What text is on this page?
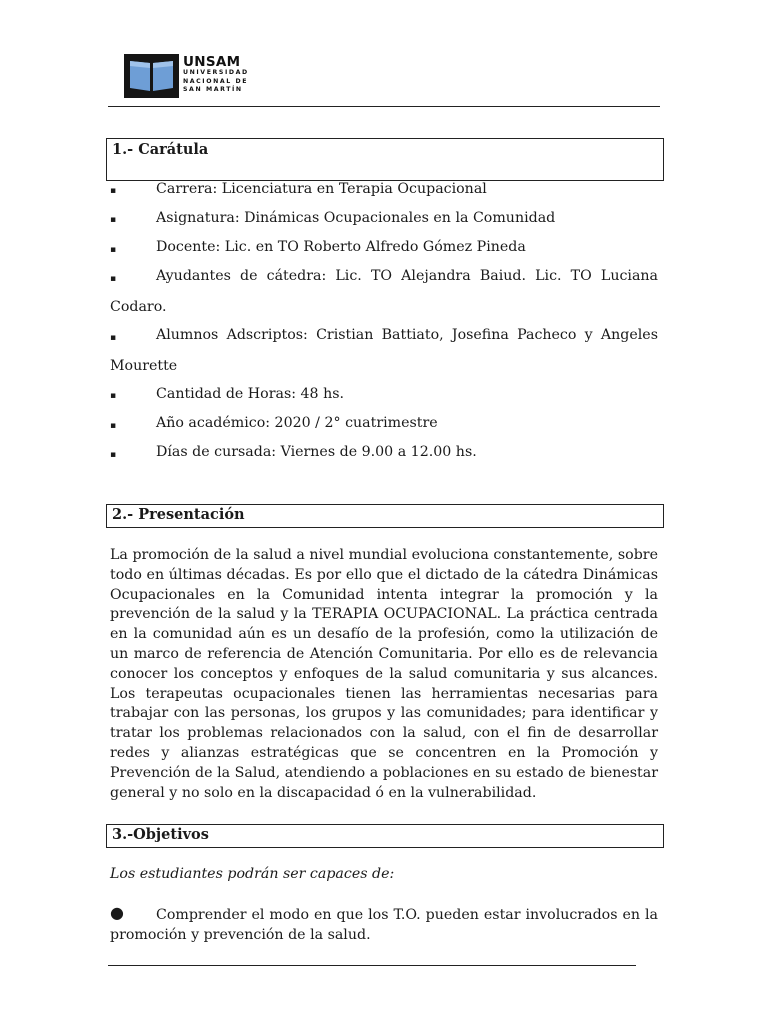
UNSAM
UNIVERSIDAD
NACIONAL DE
SAN MARTÍN
1.- Carátula
▪	Carrera: Licenciatura en Terapia Ocupacional
▪	Asignatura: Dinámicas Ocupacionales en la Comunidad
▪	Docente: Lic. en TO Roberto Alfredo Gómez Pineda
▪	Ayudantes de cátedra: Lic. TO Alejandra Baiud. Lic. TO Luciana
Codaro.
▪	Alumnos Adscriptos: Cristian Battiato, Josefina Pacheco y Angeles
Mourette
▪	Cantidad de Horas: 48 hs.
▪	Año académico: 2020 / 2° cuatrimestre
▪	Días de cursada: Viernes de 9.00 a 12.00 hs.
2.- Presentación
La promoción de la salud a nivel mundial evoluciona constantemente, sobre todo en últimas décadas. Es por ello que el dictado de la cátedra Dinámicas Ocupacionales en la Comunidad intenta integrar la promoción y la prevención de la salud y la TERAPIA OCUPACIONAL. La práctica centrada en la comunidad aún es un desafío de la profesión, como la utilización de un marco de referencia de Atención Comunitaria. Por ello es de relevancia conocer los conceptos y enfoques de la salud comunitaria y sus alcances. Los terapeutas ocupacionales tienen las herramientas necesarias para trabajar con las personas, los grupos y las comunidades; para identificar y tratar los problemas relacionados con la salud, con el fin de desarrollar redes y alianzas estratégicas que se concentren en la Promoción y Prevención de la Salud, atendiendo a poblaciones en su estado de bienestar general y no solo en la discapacidad ó en la vulnerabilidad.
3.-Objetivos
Los estudiantes podrán ser capaces de:
●	Comprender el modo en que los T.O. pueden estar involucrados en la promoción y prevención de la salud.
